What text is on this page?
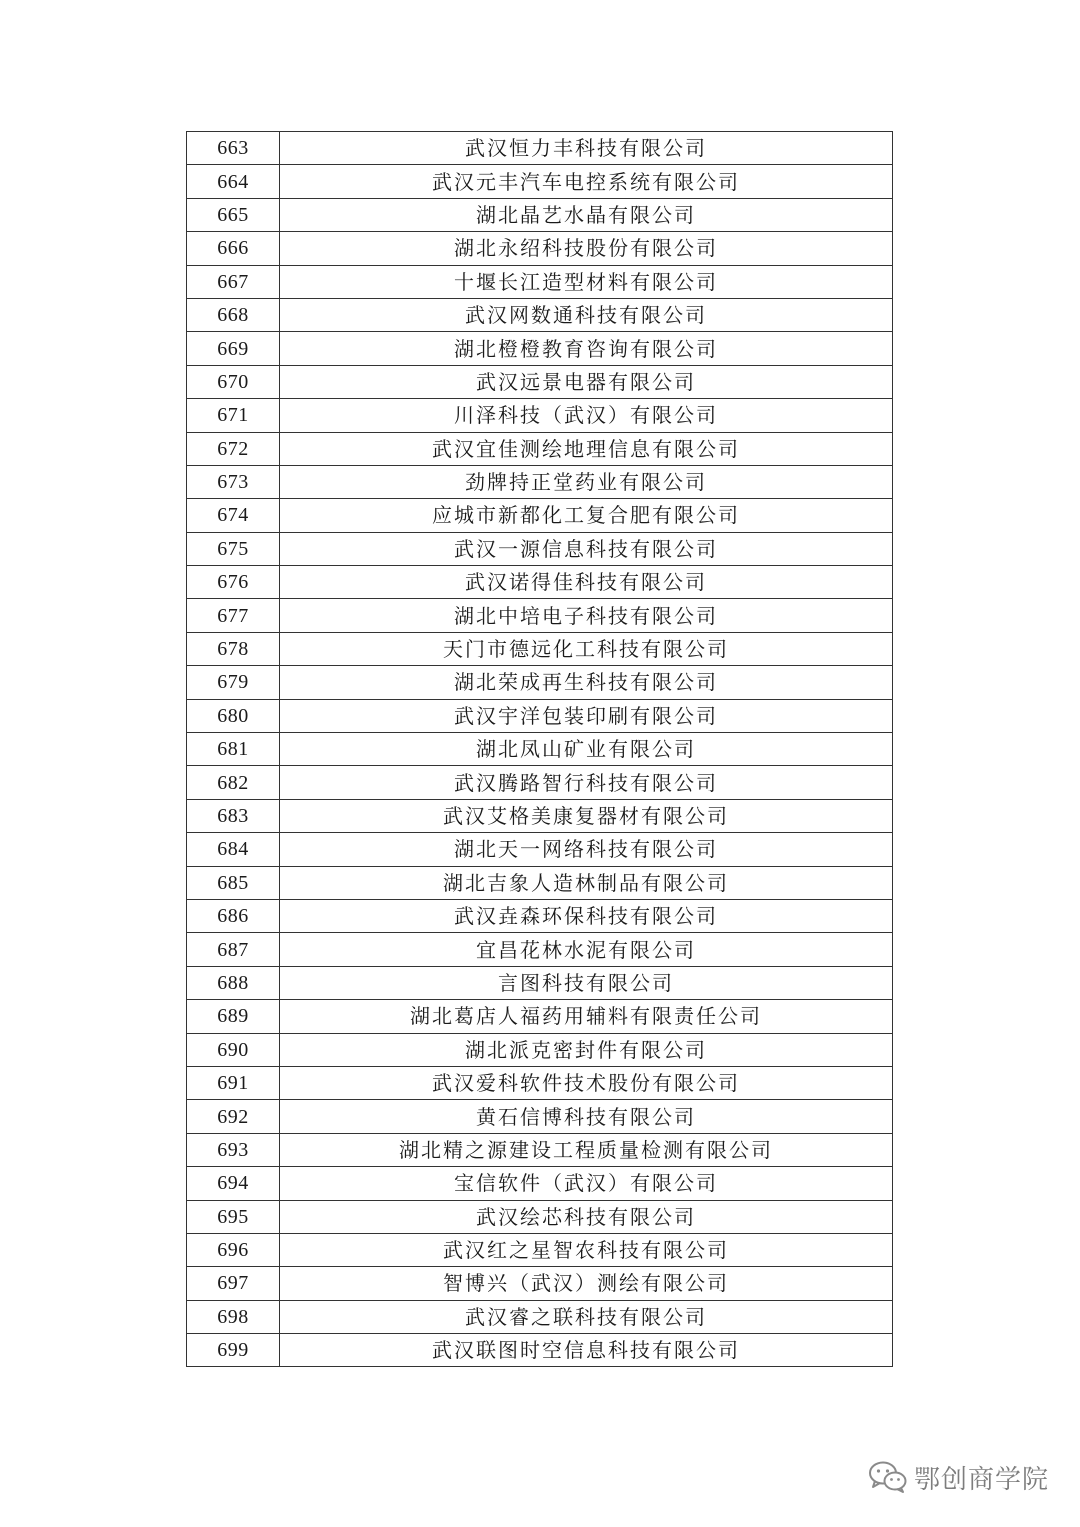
663	武汉恒力丰科技有限公司
664	武汉元丰汽车电控系统有限公司
665	湖北晶艺水晶有限公司
666	湖北永绍科技股份有限公司
667	十堰长江造型材料有限公司
668	武汉网数通科技有限公司
669	湖北橙橙教育咨询有限公司
670	武汉远景电器有限公司
671	川泽科技（武汉）有限公司
672	武汉宜佳测绘地理信息有限公司
673	劲牌持正堂药业有限公司
674	应城市新都化工复合肥有限公司
675	武汉一源信息科技有限公司
676	武汉诺得佳科技有限公司
677	湖北中培电子科技有限公司
678	天门市德远化工科技有限公司
679	湖北荣成再生科技有限公司
680	武汉宇洋包装印刷有限公司
681	湖北凤山矿业有限公司
682	武汉腾路智行科技有限公司
683	武汉艾格美康复器材有限公司
684	湖北天一网络科技有限公司
685	湖北吉象人造林制品有限公司
686	武汉垚森环保科技有限公司
687	宜昌花林水泥有限公司
688	言图科技有限公司
689	湖北葛店人福药用辅料有限责任公司
690	湖北派克密封件有限公司
691	武汉爱科软件技术股份有限公司
692	黄石信博科技有限公司
693	湖北精之源建设工程质量检测有限公司
694	宝信软件（武汉）有限公司
695	武汉绘芯科技有限公司
696	武汉红之星智农科技有限公司
697	智博兴（武汉）测绘有限公司
698	武汉睿之联科技有限公司
699	武汉联图时空信息科技有限公司
鄂创商学院
